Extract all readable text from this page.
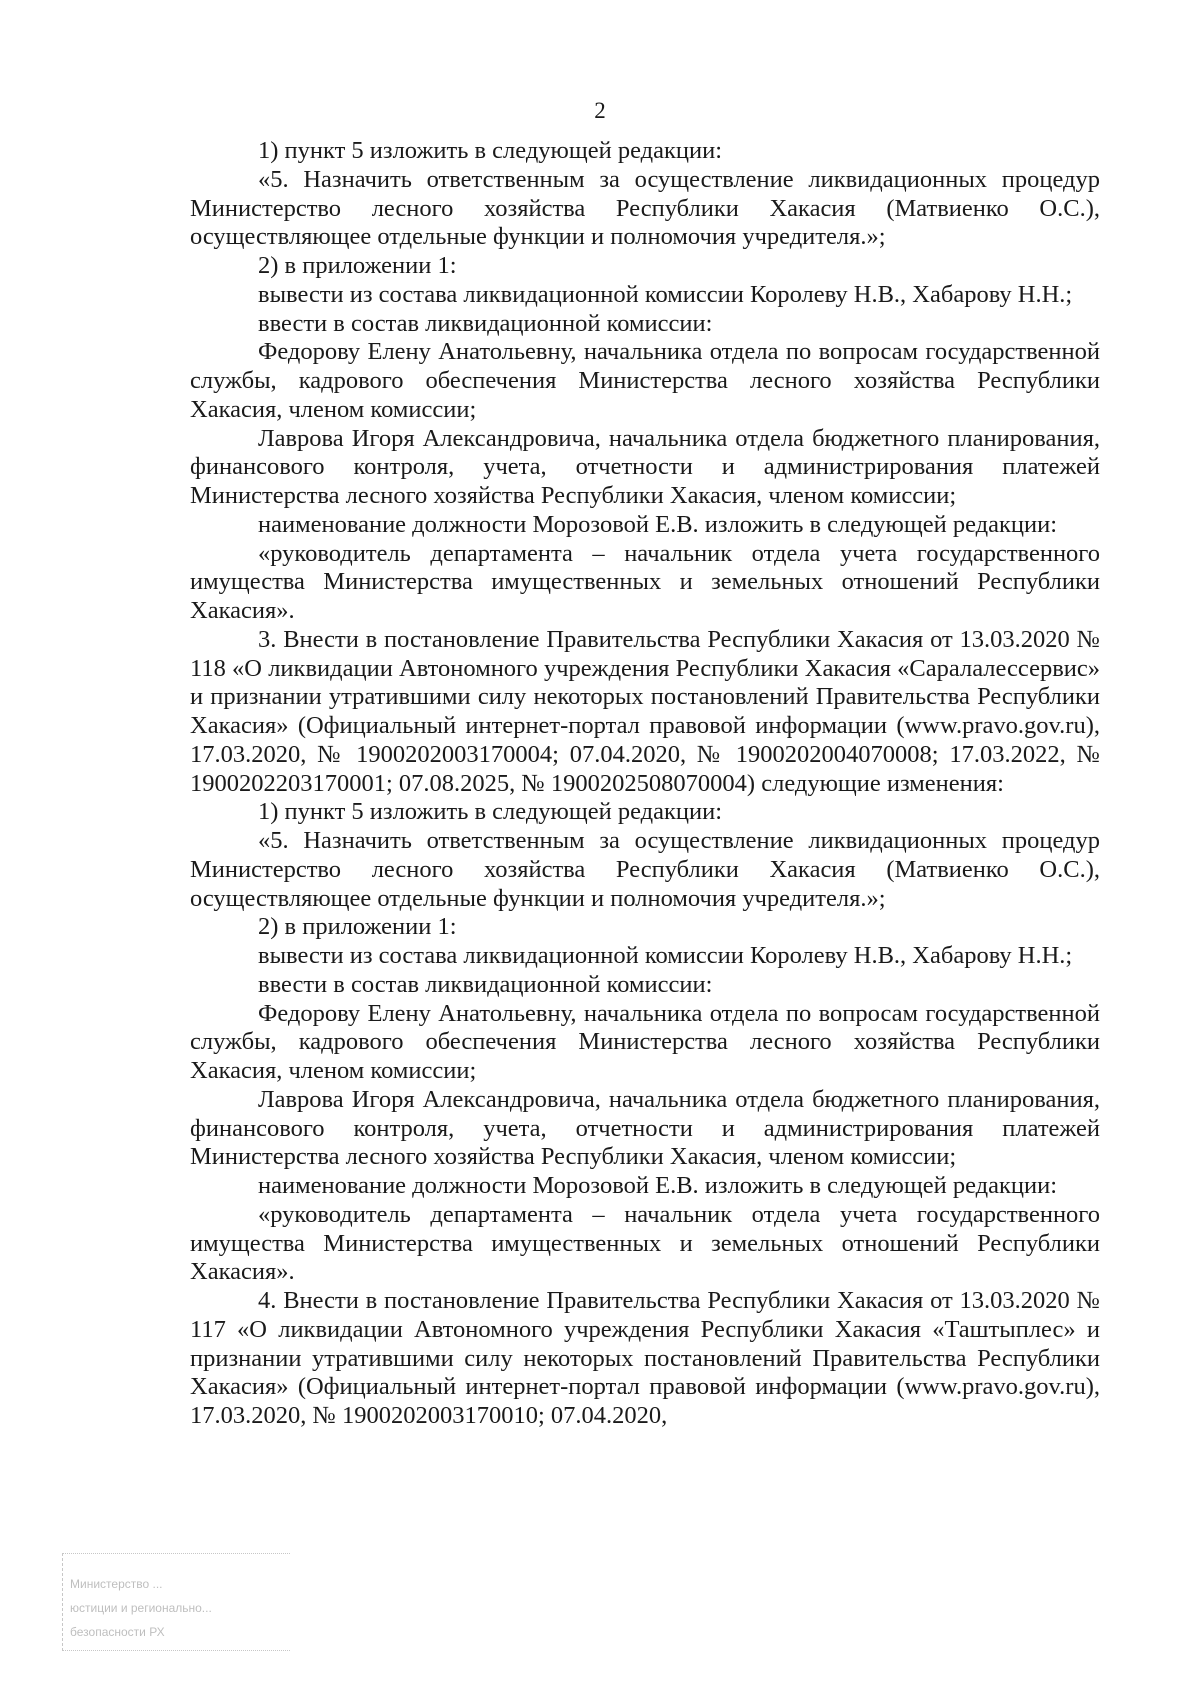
2

1) пункт 5 изложить в следующей редакции:

«5. Назначить ответственным за осуществление ликвидационных процедур Министерство лесного хозяйства Республики Хакасия (Матвиенко О.С.), осуществляющее отдельные функции и полномочия учредителя.»;

2) в приложении 1:

вывести из состава ликвидационной комиссии Королеву Н.В., Хабарову Н.Н.;

ввести в состав ликвидационной комиссии:

Федорову Елену Анатольевну, начальника отдела по вопросам государственной службы, кадрового обеспечения Министерства лесного хозяйства Республики Хакасия, членом комиссии;

Лаврова Игоря Александровича, начальника отдела бюджетного планирования, финансового контроля, учета, отчетности и администрирования платежей Министерства лесного хозяйства Республики Хакасия, членом комиссии;

наименование должности Морозовой Е.В. изложить в следующей редакции:

«руководитель департамента – начальник отдела учета государственного имущества Министерства имущественных и земельных отношений Республики Хакасия».

3. Внести в постановление Правительства Республики Хакасия от 13.03.2020 № 118 «О ликвидации Автономного учреждения Республики Хакасия «Саралалессервис» и признании утратившими силу некоторых постановлений Правительства Республики Хакасия» (Официальный интернет-портал правовой информации (www.pravo.gov.ru), 17.03.2020, № 1900202003170004; 07.04.2020, № 1900202004070008; 17.03.2022, № 1900202203170001; 07.08.2025, № 1900202508070004) следующие изменения:

1) пункт 5 изложить в следующей редакции:

«5. Назначить ответственным за осуществление ликвидационных процедур Министерство лесного хозяйства Республики Хакасия (Матвиенко О.С.), осуществляющее отдельные функции и полномочия учредителя.»;

2) в приложении 1:

вывести из состава ликвидационной комиссии Королеву Н.В., Хабарову Н.Н.;

ввести в состав ликвидационной комиссии:

Федорову Елену Анатольевну, начальника отдела по вопросам государственной службы, кадрового обеспечения Министерства лесного хозяйства Республики Хакасия, членом комиссии;

Лаврова Игоря Александровича, начальника отдела бюджетного планирования, финансового контроля, учета, отчетности и администрирования платежей Министерства лесного хозяйства Республики Хакасия, членом комиссии;

наименование должности Морозовой Е.В. изложить в следующей редакции:

«руководитель департамента – начальник отдела учета государственного имущества Министерства имущественных и земельных отношений Республики Хакасия».

4. Внести в постановление Правительства Республики Хакасия от 13.03.2020 № 117 «О ликвидации Автономного учреждения Республики Хакасия «Таштыплес» и признании утратившими силу некоторых постановлений Правительства Республики Хакасия» (Официальный интернет-портал правовой информации (www.pravo.gov.ru), 17.03.2020, № 1900202003170010; 07.04.2020,

Министерство ...
юстиции и регионально...
безопасности РХ
